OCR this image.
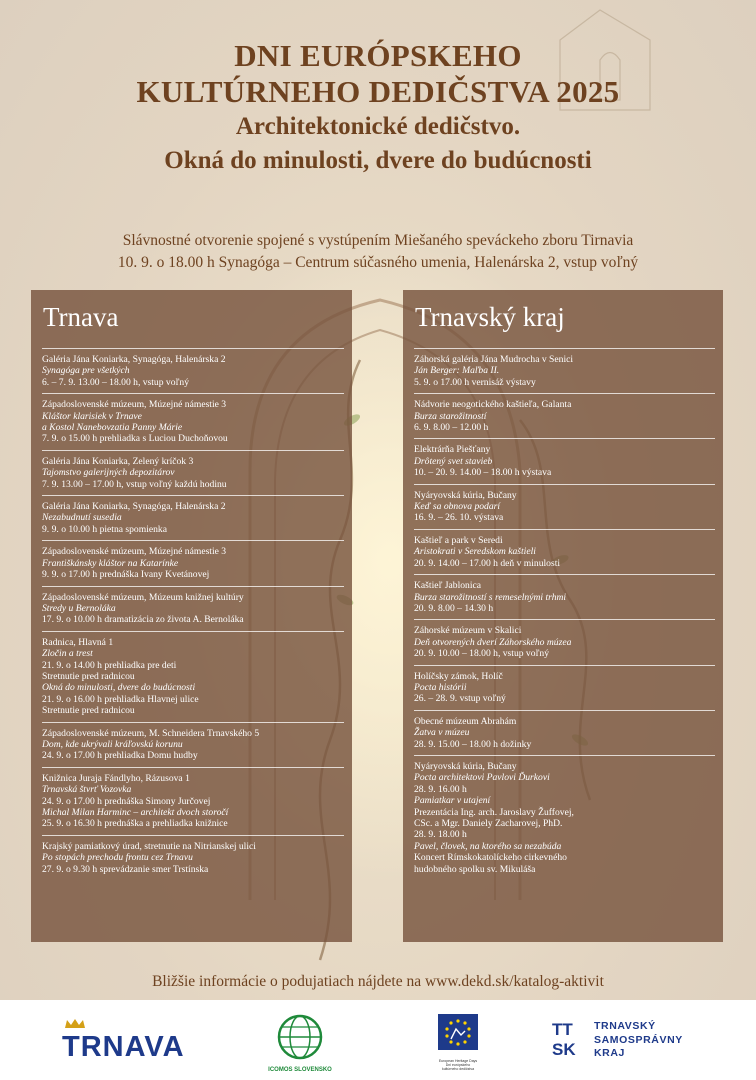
DNI EURÓPSKEHO
KULTÚRNEHO DEDIČSTVA 2025
Architektonické dedičstvo.
Okná do minulosti, dvere do budúcnosti
Slávnostné otvorenie spojené s vystúpením Miešaného speváckeho zboru Tirnavia
10. 9. o 18.00 h Synagóga – Centrum súčasného umenia, Halenárska 2, vstup voľný
Trnava
Galéria Jána Koniarka, Synagóga, Halenárska 2
Synagóga pre všetkých
6. – 7. 9. 13.00 – 18.00 h, vstup voľný
Západoslovenské múzeum, Múzejné námestie 3
Kláštor klarisiek v Trnave
a Kostol Nanebovzatia Panny Márie
7. 9. o 15.00 h prehliadka s Luciou Duchoňovou
Galéria Jána Koniarka, Zelený kríčok 3
Tajomstvo galerijných depozitárov
7. 9. 13.00 – 17.00 h, vstup voľný každú hodinu
Galéria Jána Koniarka, Synagóga, Halenárska 2
Nezabudnutí susedia
9. 9. o 10.00 h pietna spomienka
Západoslovenské múzeum, Múzejné námestie 3
Františkánsky kláštor na Katarínke
9. 9. o 17.00 h prednáška Ivany Kvetánovej
Západoslovenské múzeum, Múzeum knižnej kultúry
Stredy u Bernoláka
17. 9. o 10.00 h dramatizácia zo života A. Bernoláka
Radnica, Hlavná 1
Zločin a trest
21. 9. o 14.00 h prehliadka pre deti
Stretnutie pred radnicou
Okná do minulosti, dvere do budúcnosti
21. 9. o 16.00 h prehliadka Hlavnej ulice
Stretnutie pred radnicou
Západoslovenské múzeum, M. Schneidera Trnavského 5
Dom, kde ukrývali kráľovskú korunu
24. 9. o 17.00 h prehliadka Domu hudby
Knižnica Juraja Fándlyho, Rázusova 1
Trnavská štvrť Vozovka
24. 9. o 17.00 h prednáška Simony Jurčovej
Michal Milan Harminc – architekt dvoch storočí
25. 9. o 16.30 h prednáška a prehliadka knižnice
Krajský pamiatkový úrad, stretnutie na Nitrianskej ulici
Po stopách prechodu frontu cez Trnavu
27. 9. o 9.30 h sprevádzanie smer Trstínska
Trnavský kraj
Záhorská galéria Jána Mudrocha v Senici
Ján Berger: Maľba II.
5. 9. o 17.00 h vernisáž výstavy
Nádvorie neogotického kaštieľa, Galanta
Burza starožitností
6. 9. 8.00 – 12.00 h
Elektrárňa Piešťany
Drôtený svet stavieb
10. – 20. 9. 14.00 – 18.00 h výstava
Nyáryovská kúria, Bučany
Keď sa obnova podarí
16. 9. – 26. 10. výstava
Kaštieľ a park v Seredi
Aristokrati v Seredskom kaštieli
20. 9. 14.00 – 17.00 h deň v minulosti
Kaštieľ Jablonica
Burza starožitností s remeselnými trhmi
20. 9. 8.00 – 14.30 h
Záhorské múzeum v Skalici
Deň otvorených dverí Záhorského múzea
20. 9. 10.00 – 18.00 h, vstup voľný
Holíčsky zámok, Holíč
Pocta histórii
26. – 28. 9. vstup voľný
Obecné múzeum Abrahám
Žatva v múzeu
28. 9. 15.00 – 18.00 h dožinky
Nyáryovská kúria, Bučany
Pocta architektovi Pavlovi Ďurkovi
28. 9. 16.00 h
Pamiatkar v utajení
Prezentácia Ing. arch. Jaroslavy Žuffovej,
CSc. a Mgr. Daniely Zacharovej, PhD.
28. 9. 18.00 h
Pavel, človek, na ktorého sa nezabúda
Koncert Rímskokatolíckeho cirkevného
hudobného spolku sv. Mikuláša
Bližšie informácie o podujatiach nájdete na www.dekd.sk/katalog-aktivit
TRNAVA
ICOMOS SLOVENSKO
European Heritage Days
Dni európskeho
kultúrneho dedičstva
TT
SK
TRNAVSKÝ
SAMOSPRÁVNY
KRAJ
